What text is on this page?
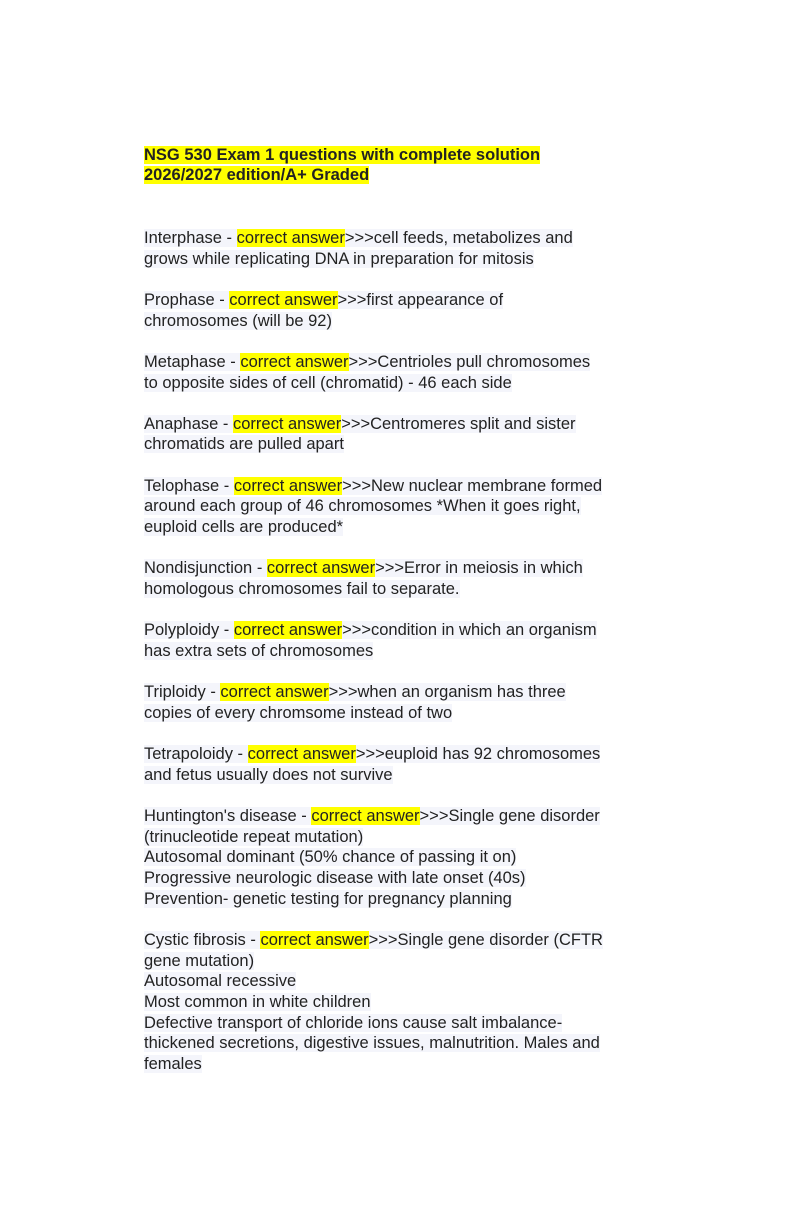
NSG 530 Exam 1 questions with complete solution
2026/2027 edition/A+ Graded
Interphase - correct answer>>>cell feeds, metabolizes and
grows while replicating DNA in preparation for mitosis
Prophase - correct answer>>>first appearance of
chromosomes (will be 92)
Metaphase - correct answer>>>Centrioles pull chromosomes
to opposite sides of cell (chromatid) - 46 each side
Anaphase - correct answer>>>Centromeres split and sister
chromatids are pulled apart
Telophase - correct answer>>>New nuclear membrane formed
around each group of 46 chromosomes *When it goes right,
euploid cells are produced*
Nondisjunction - correct answer>>>Error in meiosis in which
homologous chromosomes fail to separate.
Polyploidy - correct answer>>>condition in which an organism
has extra sets of chromosomes
Triploidy - correct answer>>>when an organism has three
copies of every chromsome instead of two
Tetrapoloidy - correct answer>>>euploid has 92 chromosomes
and fetus usually does not survive
Huntington's disease - correct answer>>>Single gene disorder
(trinucleotide repeat mutation)
Autosomal dominant (50% chance of passing it on)
Progressive neurologic disease with late onset (40s)
Prevention- genetic testing for pregnancy planning
Cystic fibrosis - correct answer>>>Single gene disorder (CFTR
gene mutation)
Autosomal recessive
Most common in white children
Defective transport of chloride ions cause salt imbalance-
thickened secretions, digestive issues, malnutrition. Males and
females
